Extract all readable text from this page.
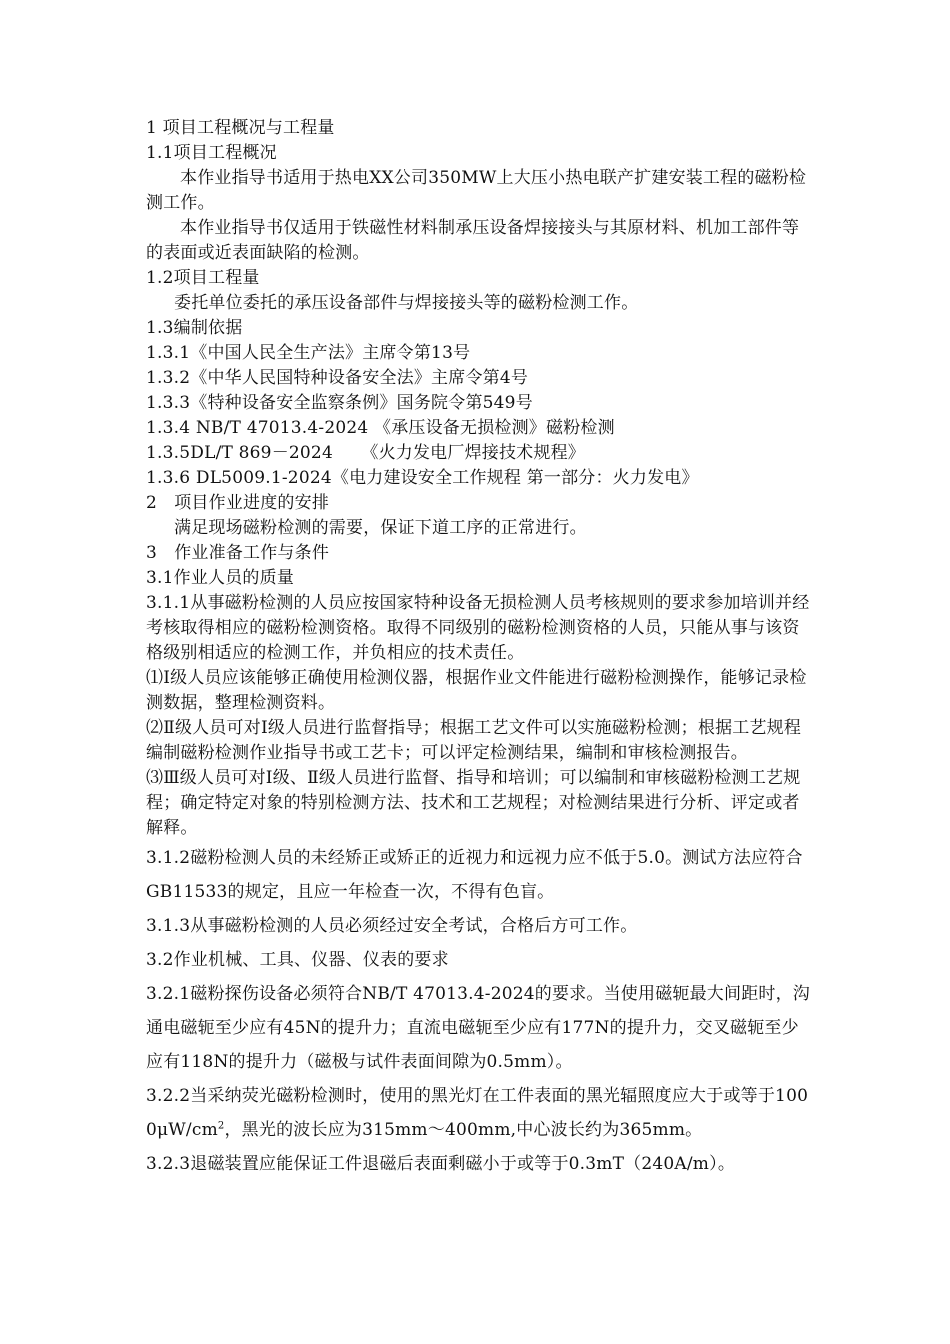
1 项目工程概况与工程量

1.1项目工程概况

本作业指导书适用于热电XX公司350MW上大压小热电联产扩建安装工程的磁粉检测工作。

本作业指导书仅适用于铁磁性材料制承压设备焊接接头与其原材料、机加工部件等的表面或近表面缺陷的检测。

1.2项目工程量

委托单位委托的承压设备部件与焊接接头等的磁粉检测工作。

1.3编制依据

1.3.1《中国人民全生产法》主席令第13号

1.3.2《中华人民国特种设备安全法》主席令第4号

1.3.3《特种设备安全监察条例》国务院令第549号

1.3.4 NB/T 47013.4-2024 《承压设备无损检测》磁粉检测

1.3.5DL/T 869－2024 　 《火力发电厂焊接技术规程》

1.3.6 DL5009.1-2024《电力建设安全工作规程 第一部分：火力发电》

2　项目作业进度的安排

满足现场磁粉检测的需要，保证下道工序的正常进行。

3　作业准备工作与条件

3.1作业人员的质量

3.1.1从事磁粉检测的人员应按国家特种设备无损检测人员考核规则的要求参加培训并经考核取得相应的磁粉检测资格。取得不同级别的磁粉检测资格的人员，只能从事与该资格级别相适应的检测工作，并负相应的技术责任。

⑴Ⅰ级人员应该能够正确使用检测仪器，根据作业文件能进行磁粉检测操作，能够记录检测数据，整理检测资料。

⑵Ⅱ级人员可对Ⅰ级人员进行监督指导；根据工艺文件可以实施磁粉检测；根据工艺规程编制磁粉检测作业指导书或工艺卡；可以评定检测结果，编制和审核检测报告。

⑶Ⅲ级人员可对Ⅰ级、Ⅱ级人员进行监督、指导和培训；可以编制和审核磁粉检测工艺规程；确定特定对象的特别检测方法、技术和工艺规程；对检测结果进行分析、评定或者解释。

3.1.2磁粉检测人员的未经矫正或矫正的近视力和远视力应不低于5.0。测试方法应符合GB11533的规定，且应一年检查一次，不得有色盲。

3.1.3从事磁粉检测的人员必须经过安全考试，合格后方可工作。

3.2作业机械、工具、仪器、仪表的要求

3.2.1磁粉探伤设备必须符合NB/T 47013.4-2024的要求。当使用磁轭最大间距时，沟通电磁轭至少应有45N的提升力；直流电磁轭至少应有177N的提升力，交叉磁轭至少应有118N的提升力（磁极与试件表面间隙为0.5mm）。

3.2.2当采纳荧光磁粉检测时，使用的黑光灯在工件表面的黑光辐照度应大于或等于$1000\mu W/cm^2$，黑光的波长应为315mm～400mm,中心波长约为365mm。

3.2.3退磁装置应能保证工件退磁后表面剩磁小于或等于0.3mT（240A/m）。
